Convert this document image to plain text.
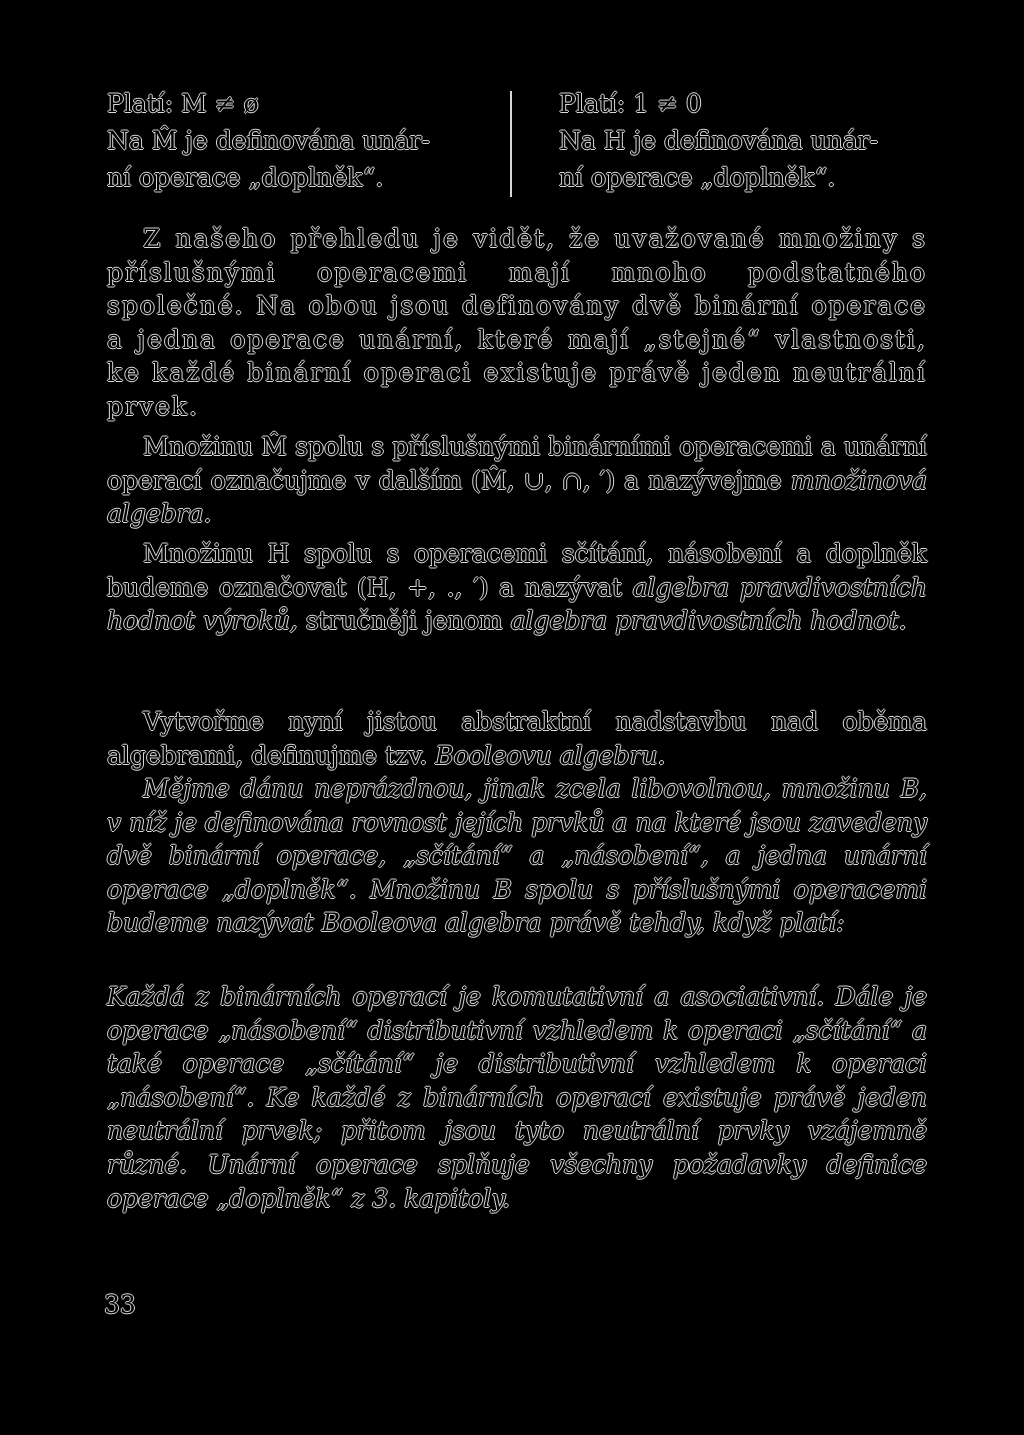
Platí: M ≠ ø
Na M̂ je definována unár-
ní operace „doplněk“.
Platí: 1 ≠ 0
Na H je definována unár-
ní operace „doplněk“.

Z našeho přehledu je vidět, že uvažované množiny s příslušnými operacemi mají mnoho podstatného společné. Na obou jsou definovány dvě binární operace a jedna operace unární, které mají „stejné“ vlastnosti, ke každé binární operaci existuje právě jeden neutrální prvek.

Množinu M̂ spolu s příslušnými binárními operacemi a unární operací označujme v dalším (M̂, ∪, ∩, ′) a nazývejme množinová algebra.

Množinu H spolu s operacemi sčítání, násobení a doplněk budeme označovat (H, +, ., ′) a nazývat algebra pravdivostních hodnot výroků, stručněji jenom algebra pravdivostních hodnot.

Vytvořme nyní jistou abstraktní nadstavbu nad oběma algebrami, definujme tzv. Booleovu algebru.

Mějme dánu neprázdnou, jinak zcela libovolnou, množinu B, v níž je definována rovnost jejích prvků a na které jsou zavedeny dvě binární operace, „sčítání“ a „násobení“, a jedna unární operace „doplněk“. Množinu B spolu s příslušnými operacemi budeme nazývat Booleova algebra právě tehdy, když platí:

Každá z binárních operací je komutativní a asociativní. Dále je operace „násobení“ distributivní vzhledem k operaci „sčítání“ a také operace „sčítání“ je distributivní vzhledem k operaci „násobení“. Ke každé z binárních operací existuje právě jeden neutrální prvek; přitom jsou tyto neutrální prvky vzájemně různé. Unární operace splňuje všechny požadavky definice operace „doplněk“ z 3. kapitoly.

33
